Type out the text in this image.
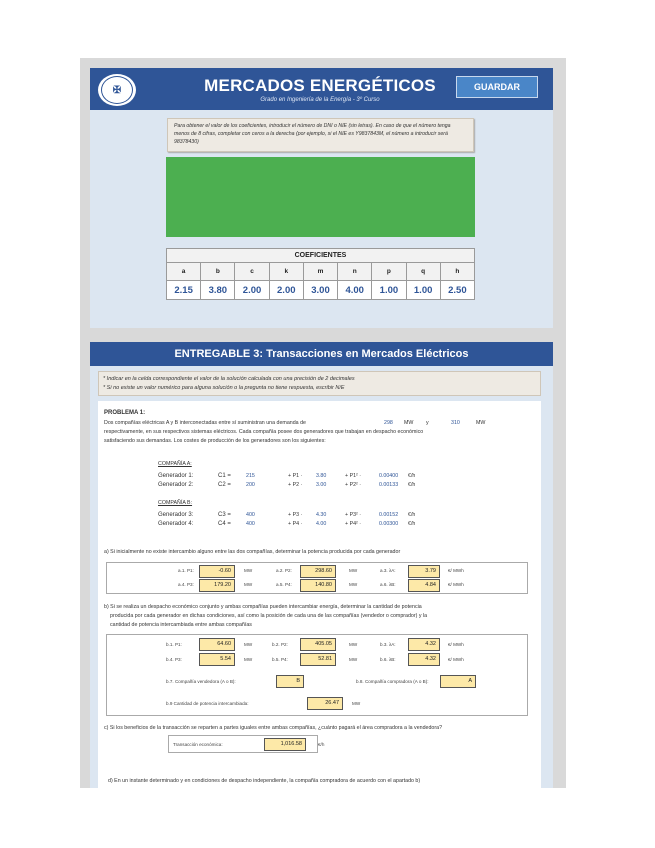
✠	MERCADOS ENERGÉTICOS
Grado en Ingeniería de la Energía - 3º Curso
GUARDAR
Para obtener el valor de los coeficientes, introducir el número de DNI o NIE (sin letras). En caso de que el número tenga menos de 8 cifras, completar con ceros a la derecha (por ejemplo, si el NIE es Y9837843M, el número a introducir será 98378430)
COEFICIENTES								
a	b	c	k	m	n	p	q	h
2.15	3.80	2.00	2.00	3.00	4.00	1.00	1.00	2.50
ENTREGABLE 3: Transacciones en Mercados Eléctricos
* Indicar en la celda correspondiente el valor de la solución calculada con una precisión de 2 decimales
* Si no existe un valor numérico para alguna solución o la pregunta no tiene respuesta, escribir N/E
PROBLEMA 1:
Dos compañías eléctricas A y B interconectadas entre sí suministran una demanda de	298 MW y	310	MW
respectivamente, en sus respectivos sistemas eléctricos. Cada compañía posee dos generadores que trabajan en despacho económico
satisfaciendo sus demandas. Los costes de producción de los generadores son los siguientes:
COMPAÑÍA A:
COMPAÑÍA B:
Generador 1:	C1 =	215	+ P1 ·	3.80	+ P1² ·	0.00400 €/h
Generador 2:	C2 =	200	+ P2 ·	3.00	+ P2² ·	0.00133 €/h
Generador 3:	C3 =	400	+ P3 ·	4.30	+ P3² ·	0.00152 €/h
Generador 4:	C4 =	400	+ P4 ·	4.00	+ P4² ·	0.00300 €/h
a) Si inicialmente no existe intercambio alguno entre las dos compañías, determinar la potencia producida por cada generador
a.1. P1:	-0.60	MW	a.2. P2:	298.60	MW	a.3. λA:	3.79	€/ MWh
a.4. P3:	179.20	MW	a.5. P4:	140.80	MW	a.6. λB:	4.84	€/ MWh
b) Si se realiza un despacho económico conjunto y ambas compañías pueden intercambiar energía, determinar la cantidad de potencia
producida por cada generador en dichas condiciones, así como la posición de cada una de las compañías (vendedor o comprador) y la
cantidad de potencia intercambiada entre ambas compañías
b.1. P1:	64.60	MW	b.2. P2:	405.05	MW	b.3. λA:	4.32	€/ MWh
b.4. P3:	5.54	MW	b.5. P4:	52.81	MW	b.6. λB:	4.32	€/ MWh
b.7. Compañía vendedora (A o B):	B	b.8. Compañía compradora (A o B):	A
b.9 Cantidad de potencia intercambiada:	26.47	MW
c) Si los beneficios de la transacción se reparten a partes iguales entre ambas compañías, ¿cuánto pagará el área compradora a la vendedora?
Transacción económica:	1,016.58	€/h
d) En un instante determinado y en condiciones de despacho independiente, la compañía compradora de acuerdo con el apartado b)
